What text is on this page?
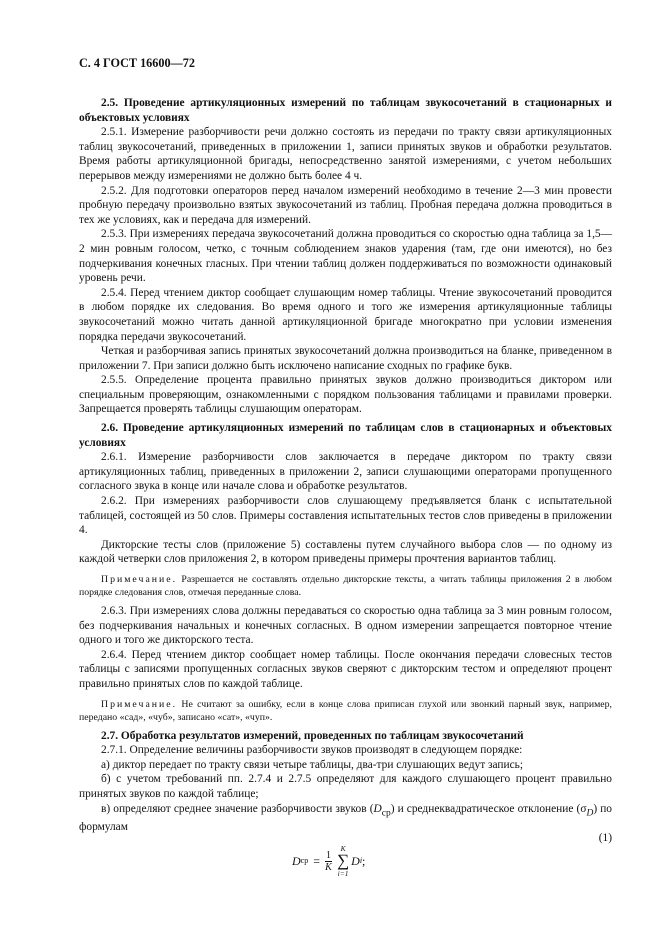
С. 4 ГОСТ 16600—72

2.5. Проведение артикуляционных измерений по таблицам звукосочетаний в стационарных и объектовых условиях

2.5.1. Измерение разборчивости речи должно состоять из передачи по тракту связи артикуляционных таблиц звукосочетаний, приведенных в приложении 1, записи принятых звуков и обработки результатов. Время работы артикуляционной бригады, непосредственно занятой измерениями, с учетом небольших перерывов между измерениями не должно быть более 4 ч.

2.5.2. Для подготовки операторов перед началом измерений необходимо в течение 2—3 мин провести пробную передачу произвольно взятых звукосочетаний из таблиц. Пробная передача должна проводиться в тех же условиях, как и передача для измерений.

2.5.3. При измерениях передача звукосочетаний должна проводиться со скоростью одна таблица за 1,5—2 мин ровным голосом, четко, с точным соблюдением знаков ударения (там, где они имеются), но без подчеркивания конечных гласных. При чтении таблиц должен поддерживаться по возможности одинаковый уровень речи.

2.5.4. Перед чтением диктор сообщает слушающим номер таблицы. Чтение звукосочетаний проводится в любом порядке их следования. Во время одного и того же измерения артикуляционные таблицы звукосочетаний можно читать данной артикуляционной бригаде многократно при условии изменения порядка передачи звукосочетаний.

Четкая и разборчивая запись принятых звукосочетаний должна производиться на бланке, приведенном в приложении 7. При записи должно быть исключено написание сходных по графике букв.

2.5.5. Определение процента правильно принятых звуков должно производиться диктором или специальным проверяющим, ознакомленными с порядком пользования таблицами и правилами проверки. Запрещается проверять таблицы слушающим операторам.

2.6. Проведение артикуляционных измерений по таблицам слов в стационарных и объектовых условиях

2.6.1. Измерение разборчивости слов заключается в передаче диктором по тракту связи артикуляционных таблиц, приведенных в приложении 2, записи слушающими операторами пропущенного согласного звука в конце или начале слова и обработке результатов.

2.6.2. При измерениях разборчивости слов слушающему предъявляется бланк с испытательной таблицей, состоящей из 50 слов. Примеры составления испытательных тестов слов приведены в приложении 4.

Дикторские тесты слов (приложение 5) составлены путем случайного выбора слов — по одному из каждой четверки слов приложения 2, в котором приведены примеры прочтения вариантов таблиц.

Примечание. Разрешается не составлять отдельно дикторские тексты, а читать таблицы приложения 2 в любом порядке следования слов, отмечая переданные слова.

2.6.3. При измерениях слова должны передаваться со скоростью одна таблица за 3 мин ровным голосом, без подчеркивания начальных и конечных согласных. В одном измерении запрещается повторное чтение одного и того же дикторского теста.

2.6.4. Перед чтением диктор сообщает номер таблицы. После окончания передачи словесных тестов таблицы с записями пропущенных согласных звуков сверяют с дикторским тестом и определяют процент правильно принятых слов по каждой таблице.

Примечание. Не считают за ошибку, если в конце слова приписан глухой или звонкий парный звук, например, передано «сад», «чуб», записано «сат», «чуп».

2.7. Обработка результатов измерений, проведенных по таблицам звукосочетаний

2.7.1. Определение величины разборчивости звуков производят в следующем порядке:

а) диктор передает по тракту связи четыре таблицы, два-три слушающих ведут запись;

б) с учетом требований пп. 2.7.4 и 2.7.5 определяют для каждого слушающего процент правильно принятых звуков по каждой таблице;

в) определяют среднее значение разборчивости звуков $(D_{ср})$ и среднеквадратическое отклонение $(\sigma_D)$ по формулам

D ср = $\frac{1}{K}$
K
∑
i=1
D i ;
(1)
